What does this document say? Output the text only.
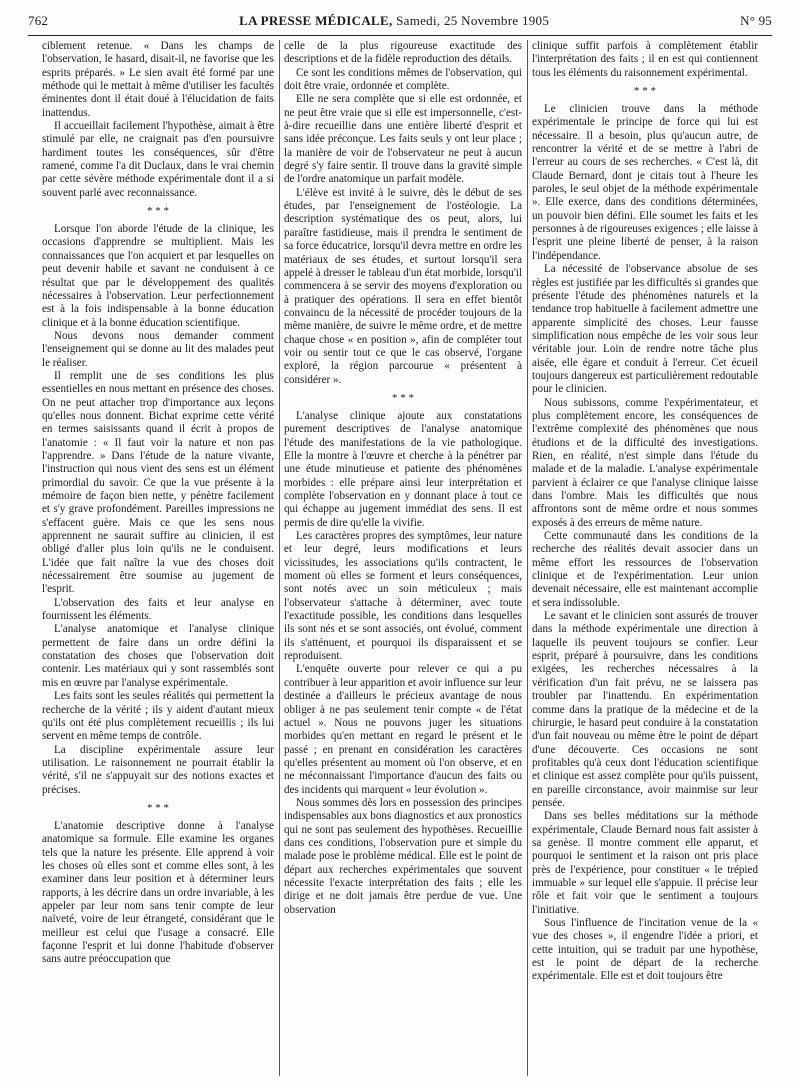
762	LA PRESSE MÉDICALE, Samedi, 25 Novembre 1905	N° 95

ciblement retenue. « Dans les champs de l'observation, le hasard, disait-il, ne favorise que les esprits préparés. » Le sien avait été formé par une méthode qui le mettait à même d'utiliser les facultés éminentes dont il était doué à l'élucidation de faits inattendus.

Il accueillait facilement l'hypothèse, aimait à être stimulé par elle, ne craignait pas d'en poursuivre hardiment toutes les conséquences, sûr d'être ramené, comme l'a dit Duclaux, dans le vrai chemin par cette sévère méthode expérimentale dont il a si souvent parlé avec reconnaissance.

* * *

Lorsque l'on aborde l'étude de la clinique, les occasions d'apprendre se multiplient. Mais les connaissances que l'on acquiert et par lesquelles on peut devenir habile et savant ne conduisent à ce résultat que par le développement des qualités nécessaires à l'observation. Leur perfectionnement est à la fois indispensable à la bonne éducation clinique et à la bonne éducation scientifique.

Nous devons nous demander comment l'enseignement qui se donne au lit des malades peut le réaliser.

Il remplit une de ses conditions les plus essentielles en nous mettant en présence des choses. On ne peut attacher trop d'importance aux leçons qu'elles nous donnent. Bichat exprime cette vérité en termes saisissants quand il écrit à propos de l'anatomie : « Il faut voir la nature et non pas l'apprendre. » Dans l'étude de la nature vivante, l'instruction qui nous vient des sens est un élément primordial du savoir. Ce que la vue présente à la mémoire de façon bien nette, y pénètre facilement et s'y grave profondément. Pareilles impressions ne s'effacent guère. Mais ce que les sens nous apprennent ne saurait suffire au clinicien, il est obligé d'aller plus loin qu'ils ne le conduisent. L'idée que fait naître la vue des choses doit nécessairement être soumise au jugement de l'esprit.

L'observation des faits et leur analyse en fournissent les éléments.

L'analyse anatomique et l'analyse clinique permettent de faire dans un ordre défini la constatation des choses que l'observation doit contenir. Les matériaux qui y sont rassemblés sont mis en œuvre par l'analyse expérimentale.

Les faits sont les seules réalités qui permettent la recherche de la vérité ; ils y aident d'autant mieux qu'ils ont été plus complètement recueillis ; ils lui servent en même temps de contrôle.

La discipline expérimentale assure leur utilisation. Le raisonnement ne pourrait établir la vérité, s'il ne s'appuyait sur des notions exactes et précises.

* * *

L'anatomie descriptive donne à l'analyse anatomique sa formule. Elle examine les organes tels que la nature les présente. Elle apprend à voir les choses où elles sont et comme elles sont, à les examiner dans leur position et à déterminer leurs rapports, à les décrire dans un ordre invariable, à les appeler par leur nom sans tenir compte de leur naïveté, voire de leur étrangeté, considérant que le meilleur est celui que l'usage a consacré. Elle façonne l'esprit et lui donne l'habitude d'observer sans autre préoccupation que

celle de la plus rigoureuse exactitude des descriptions et de la fidèle reproduction des détails.

Ce sont les conditions mêmes de l'observation, qui doit être vraie, ordonnée et complète.

Elle ne sera complète que si elle est ordonnée, et ne peut être vraie que si elle est impersonnelle, c'est-à-dire recueillie dans une entière liberté d'esprit et sans idée préconçue. Les faits seuls y ont leur place ; la manière de voir de l'observateur ne peut à aucun degré s'y faire sentir. Il trouve dans la gravité simple de l'ordre anatomique un parfait modèle.

L'élève est invité à le suivre, dès le début de ses études, par l'enseignement de l'ostéologie. La description systématique des os peut, alors, lui paraître fastidieuse, mais il prendra le sentiment de sa force éducatrice, lorsqu'il devra mettre en ordre les matériaux de ses études, et surtout lorsqu'il sera appelé à dresser le tableau d'un état morbide, lorsqu'il commencera à se servir des moyens d'exploration ou à pratiquer des opérations. Il sera en effet bientôt convaincu de la nécessité de procéder toujours de la même manière, de suivre le même ordre, et de mettre chaque chose « en position », afin de compléter tout voir ou sentir tout ce que le cas observé, l'organe exploré, la région parcourue « présentent à considérer ».

* * *

L'analyse clinique ajoute aux constatations purement descriptives de l'analyse anatomique l'étude des manifestations de la vie pathologique. Elle la montre à l'œuvre et cherche à la pénétrer par une étude minutieuse et patiente des phénomènes morbides : elle prépare ainsi leur interprétation et complète l'observation en y donnant place à tout ce qui échappe au jugement immédiat des sens. Il est permis de dire qu'elle la vivifie.

Les caractères propres des symptômes, leur nature et leur degré, leurs modifications et leurs vicissitudes, les associations qu'ils contractent, le moment où elles se forment et leurs conséquences, sont notés avec un soin méticuleux ; mais l'observateur s'attache à déterminer, avec toute l'exactitude possible, les conditions dans lesquelles ils sont nés et se sont associés, ont évolué, comment ils s'atténuent, et pourquoi ils disparaissent et se reproduisent.

L'enquête ouverte pour relever ce qui a pu contribuer à leur apparition et avoir influence sur leur destinée a d'ailleurs le précieux avantage de nous obliger à ne pas seulement tenir compte « de l'état actuel ». Nous ne pouvons juger les situations morbides qu'en mettant en regard le présent et le passé ; en prenant en considération les caractères qu'elles présentent au moment où l'on observe, et en ne méconnaissant l'importance d'aucun des faits ou des incidents qui marquent « leur évolution ».

Nous sommes dès lors en possession des principes indispensables aux bons diagnostics et aux pronostics qui ne sont pas seulement des hypothèses. Recueillie dans ces conditions, l'observation pure et simple du malade pose le problème médical. Elle est le point de départ aux recherches expérimentales que souvent nécessite l'exacte interprétation des faits ; elle les dirige et ne doit jamais être perdue de vue. Une observation

clinique suffit parfois à complètement établir l'interprétation des faits ; il en est qui contiennent tous les éléments du raisonnement expérimental.

* * *

Le clinicien trouve dans la méthode expérimentale le principe de force qui lui est nécessaire. Il a besoin, plus qu'aucun autre, de rencontrer la vérité et de se mettre à l'abri de l'erreur au cours de ses recherches. « C'est là, dit Claude Bernard, dont je citais tout à l'heure les paroles, le seul objet de la méthode expérimentale ». Elle exerce, dans des conditions déterminées, un pouvoir bien défini. Elle soumet les faits et les personnes à de rigoureuses exigences ; elle laisse à l'esprit une pleine liberté de penser, à la raison l'indépendance.

La nécessité de l'observance absolue de ses règles est justifiée par les difficultés si grandes que présente l'étude des phénomènes naturels et la tendance trop habituelle à facilement admettre une apparente simplicité des choses. Leur fausse simplification nous empêche de les voir sous leur véritable jour. Loin de rendre notre tâche plus aisée, elle égare et conduit à l'erreur. Cet écueil toujours dangereux est particulièrement redoutable pour le clinicien.

Nous subissons, comme l'expérimentateur, et plus complètement encore, les conséquences de l'extrême complexité des phénomènes que nous étudions et de la difficulté des investigations. Rien, en réalité, n'est simple dans l'étude du malade et de la maladie. L'analyse expérimentale parvient à éclairer ce que l'analyse clinique laisse dans l'ombre. Mais les difficultés que nous affrontons sont de même ordre et nous sommes exposés à des erreurs de même nature.

Cette communauté dans les conditions de la recherche des réalités devait associer dans un même effort les ressources de l'observation clinique et de l'expérimentation. Leur union devenait nécessaire, elle est maintenant accomplie et sera indissoluble.

Le savant et le clinicien sont assurés de trouver dans la méthode expérimentale une direction à laquelle ils peuvent toujours se confier. Leur esprit, préparé à poursuivre, dans les conditions exigées, les recherches nécessaires à la vérification d'un fait prévu, ne se laissera pas troubler par l'inattendu. En expérimentation comme dans la pratique de la médecine et de la chirurgie, le hasard peut conduire à la constatation d'un fait nouveau ou même être le point de départ d'une découverte. Ces occasions ne sont profitables qu'à ceux dont l'éducation scientifique et clinique est assez complète pour qu'ils puissent, en pareille circonstance, avoir mainmise sur leur pensée.

Dans ses belles méditations sur la méthode expérimentale, Claude Bernard nous fait assister à sa genèse. Il montre comment elle apparut, et pourquoi le sentiment et la raison ont pris place près de l'expérience, pour constituer « le trépied immuable » sur lequel elle s'appuie. Il précise leur rôle et fait voir que le sentiment a toujours l'initiative.

Sous l'influence de l'incitation venue de la « vue des choses », il engendre l'idée a priori, et cette intuition, qui se traduit par une hypothèse, est le point de départ de la recherche expérimentale. Elle est et doit toujours être
